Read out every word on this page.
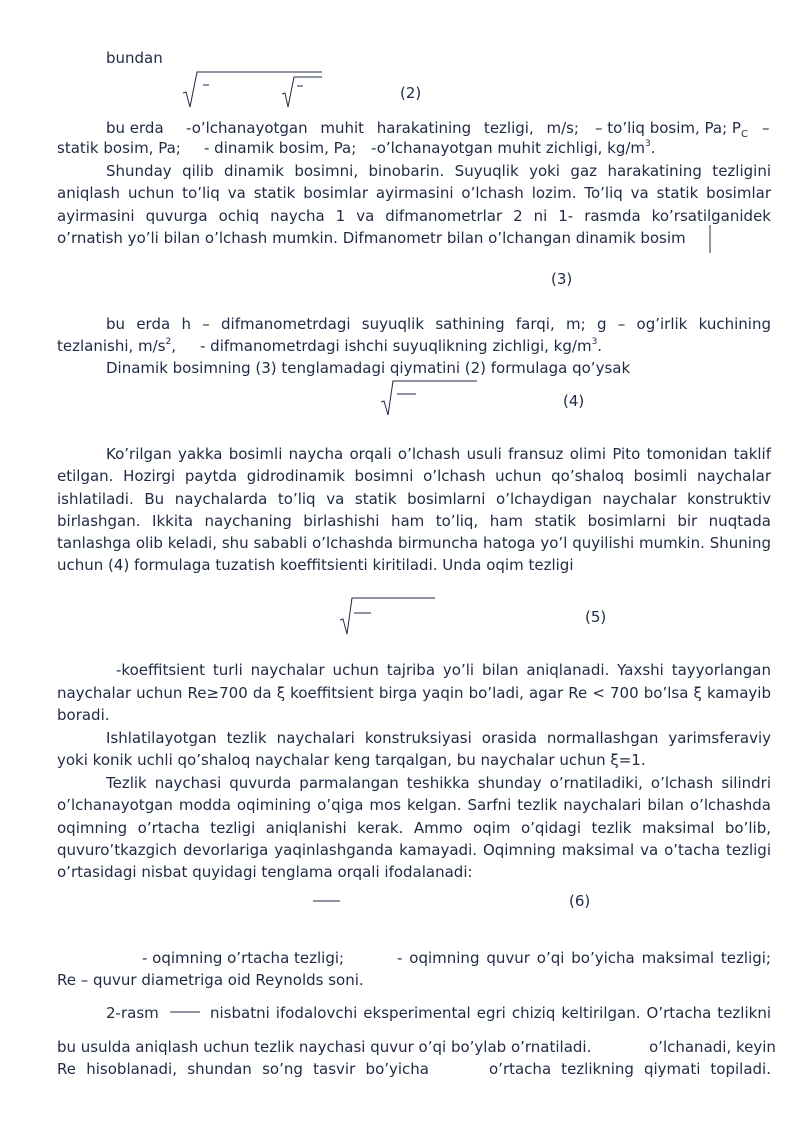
bundan
(2)
bu erda -o’lchanayotgan muhit harakatining tezligi, m/s; – to’liq bosim, Pa; $P_C$ –
statik bosim, Pa; - dinamik bosim, Pa; -o’lchanayotgan muhit zichligi, $kg/m^3$.
Shunday qilib dinamik bosimni, binobarin. Suyuqlik yoki gaz harakatining tezligini
aniqlash uchun to’liq va statik bosimlar ayirmasini o’lchash lozim. To’liq va statik bosimlar
ayirmasini quvurga ochiq naycha 1 va difmanometrlar 2 ni 1- rasmda ko’rsatilganidek
o’rnatish yo’li bilan o’lchash mumkin. Difmanometr bilan o’lchangan dinamik bosim
(3)
bu erda h – difmanometrdagi suyuqlik sathining farqi, m; g – og’irlik kuchining
tezlanishi, $m/s^2$, - difmanometrdagi ishchi suyuqlikning zichligi, $kg/m^3$.
Dinamik bosimning (3) tenglamadagi qiymatini (2) formulaga qo’ysak
(4)
Ko’rilgan yakka bosimli naycha orqali o’lchash usuli fransuz olimi Pito tomonidan taklif
etilgan. Hozirgi paytda gidrodinamik bosimni o’lchash uchun qo’shaloq bosimli naychalar
ishlatiladi. Bu naychalarda to’liq va statik bosimlarni o’lchaydigan naychalar konstruktiv
birlashgan. Ikkita naychaning birlashishi ham to’liq, ham statik bosimlarni bir nuqtada
tanlashga olib keladi, shu sababli o’lchashda birmuncha hatoga yo’l quyilishi mumkin. Shuning
uchun (4) formulaga tuzatish koeffitsienti kiritiladi. Unda oqim tezligi
(5)
-koeffitsient turli naychalar uchun tajriba yo’li bilan aniqlanadi. Yaxshi tayyorlangan
naychalar uchun Re≥700 da ξ koeffitsient birga yaqin bo’ladi, agar Re < 700 bo’lsa ξ kamayib
boradi.
Ishlatilayotgan tezlik naychalari konstruksiyasi orasida normallashgan yarimsferaviy
yoki konik uchli qo’shaloq naychalar keng tarqalgan, bu naychalar uchun ξ=1.
Tezlik naychasi quvurda parmalangan teshikka shunday o’rnatiladiki, o’lchash silindri
o’lchanayotgan modda oqimining o’qiga mos kelgan. Sarfni tezlik naychalari bilan o’lchashda
oqimning o’rtacha tezligi aniqlanishi kerak. Ammo oqim o’qidagi tezlik maksimal bo’lib,
quvuro’tkazgich devorlariga yaqinlashganda kamayadi. Oqimning maksimal va o’tacha tezligi
o’rtasidagi nisbat quyidagi tenglama orqali ifodalanadi:
(6)
- oqimning o’rtacha tezligi;	- oqimning quvur o’qi bo’yicha maksimal tezligi;
Re – quvur diametriga oid Reynolds soni.
2-rasm	nisbatni ifodalovchi eksperimental egri chiziq keltirilgan. O’rtacha tezlikni
bu usulda aniqlash uchun tezlik naychasi quvur o’qi bo’ylab o’rnatiladi.	o’lchanadi, keyin
Re hisoblanadi, shundan so’ng tasvir bo’yicha	o’rtacha tezlikning qiymati topiladi.
